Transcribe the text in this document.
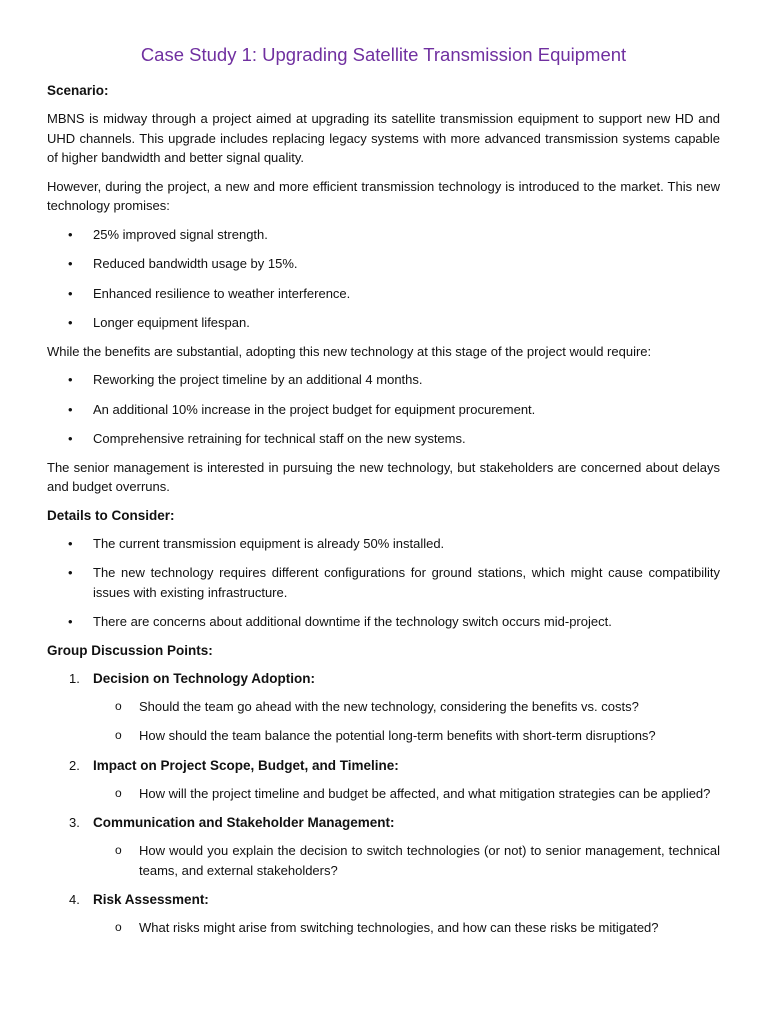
Case Study 1: Upgrading Satellite Transmission Equipment
Scenario:

MBNS is midway through a project aimed at upgrading its satellite transmission equipment to support new HD and UHD channels. This upgrade includes replacing legacy systems with more advanced transmission systems capable of higher bandwidth and better signal quality.

However, during the project, a new and more efficient transmission technology is introduced to the market. This new technology promises:

•	25% improved signal strength.
•	Reduced bandwidth usage by 15%.
•	Enhanced resilience to weather interference.
•	Longer equipment lifespan.

While the benefits are substantial, adopting this new technology at this stage of the project would require:

•	Reworking the project timeline by an additional 4 months.
•	An additional 10% increase in the project budget for equipment procurement.
•	Comprehensive retraining for technical staff on the new systems.

The senior management is interested in pursuing the new technology, but stakeholders are concerned about delays and budget overruns.

Details to Consider:
•	The current transmission equipment is already 50% installed.
•	The new technology requires different configurations for ground stations, which might cause compatibility issues with existing infrastructure.
•	There are concerns about additional downtime if the technology switch occurs mid-project.
Group Discussion Points:
1. Decision on Technology Adoption:
o Should the team go ahead with the new technology, considering the benefits vs. costs?
o How should the team balance the potential long-term benefits with short-term disruptions?
2. Impact on Project Scope, Budget, and Timeline:
o How will the project timeline and budget be affected, and what mitigation strategies can be applied?
3. Communication and Stakeholder Management:
o How would you explain the decision to switch technologies (or not) to senior management, technical teams, and external stakeholders?
4. Risk Assessment:
o What risks might arise from switching technologies, and how can these risks be mitigated?
